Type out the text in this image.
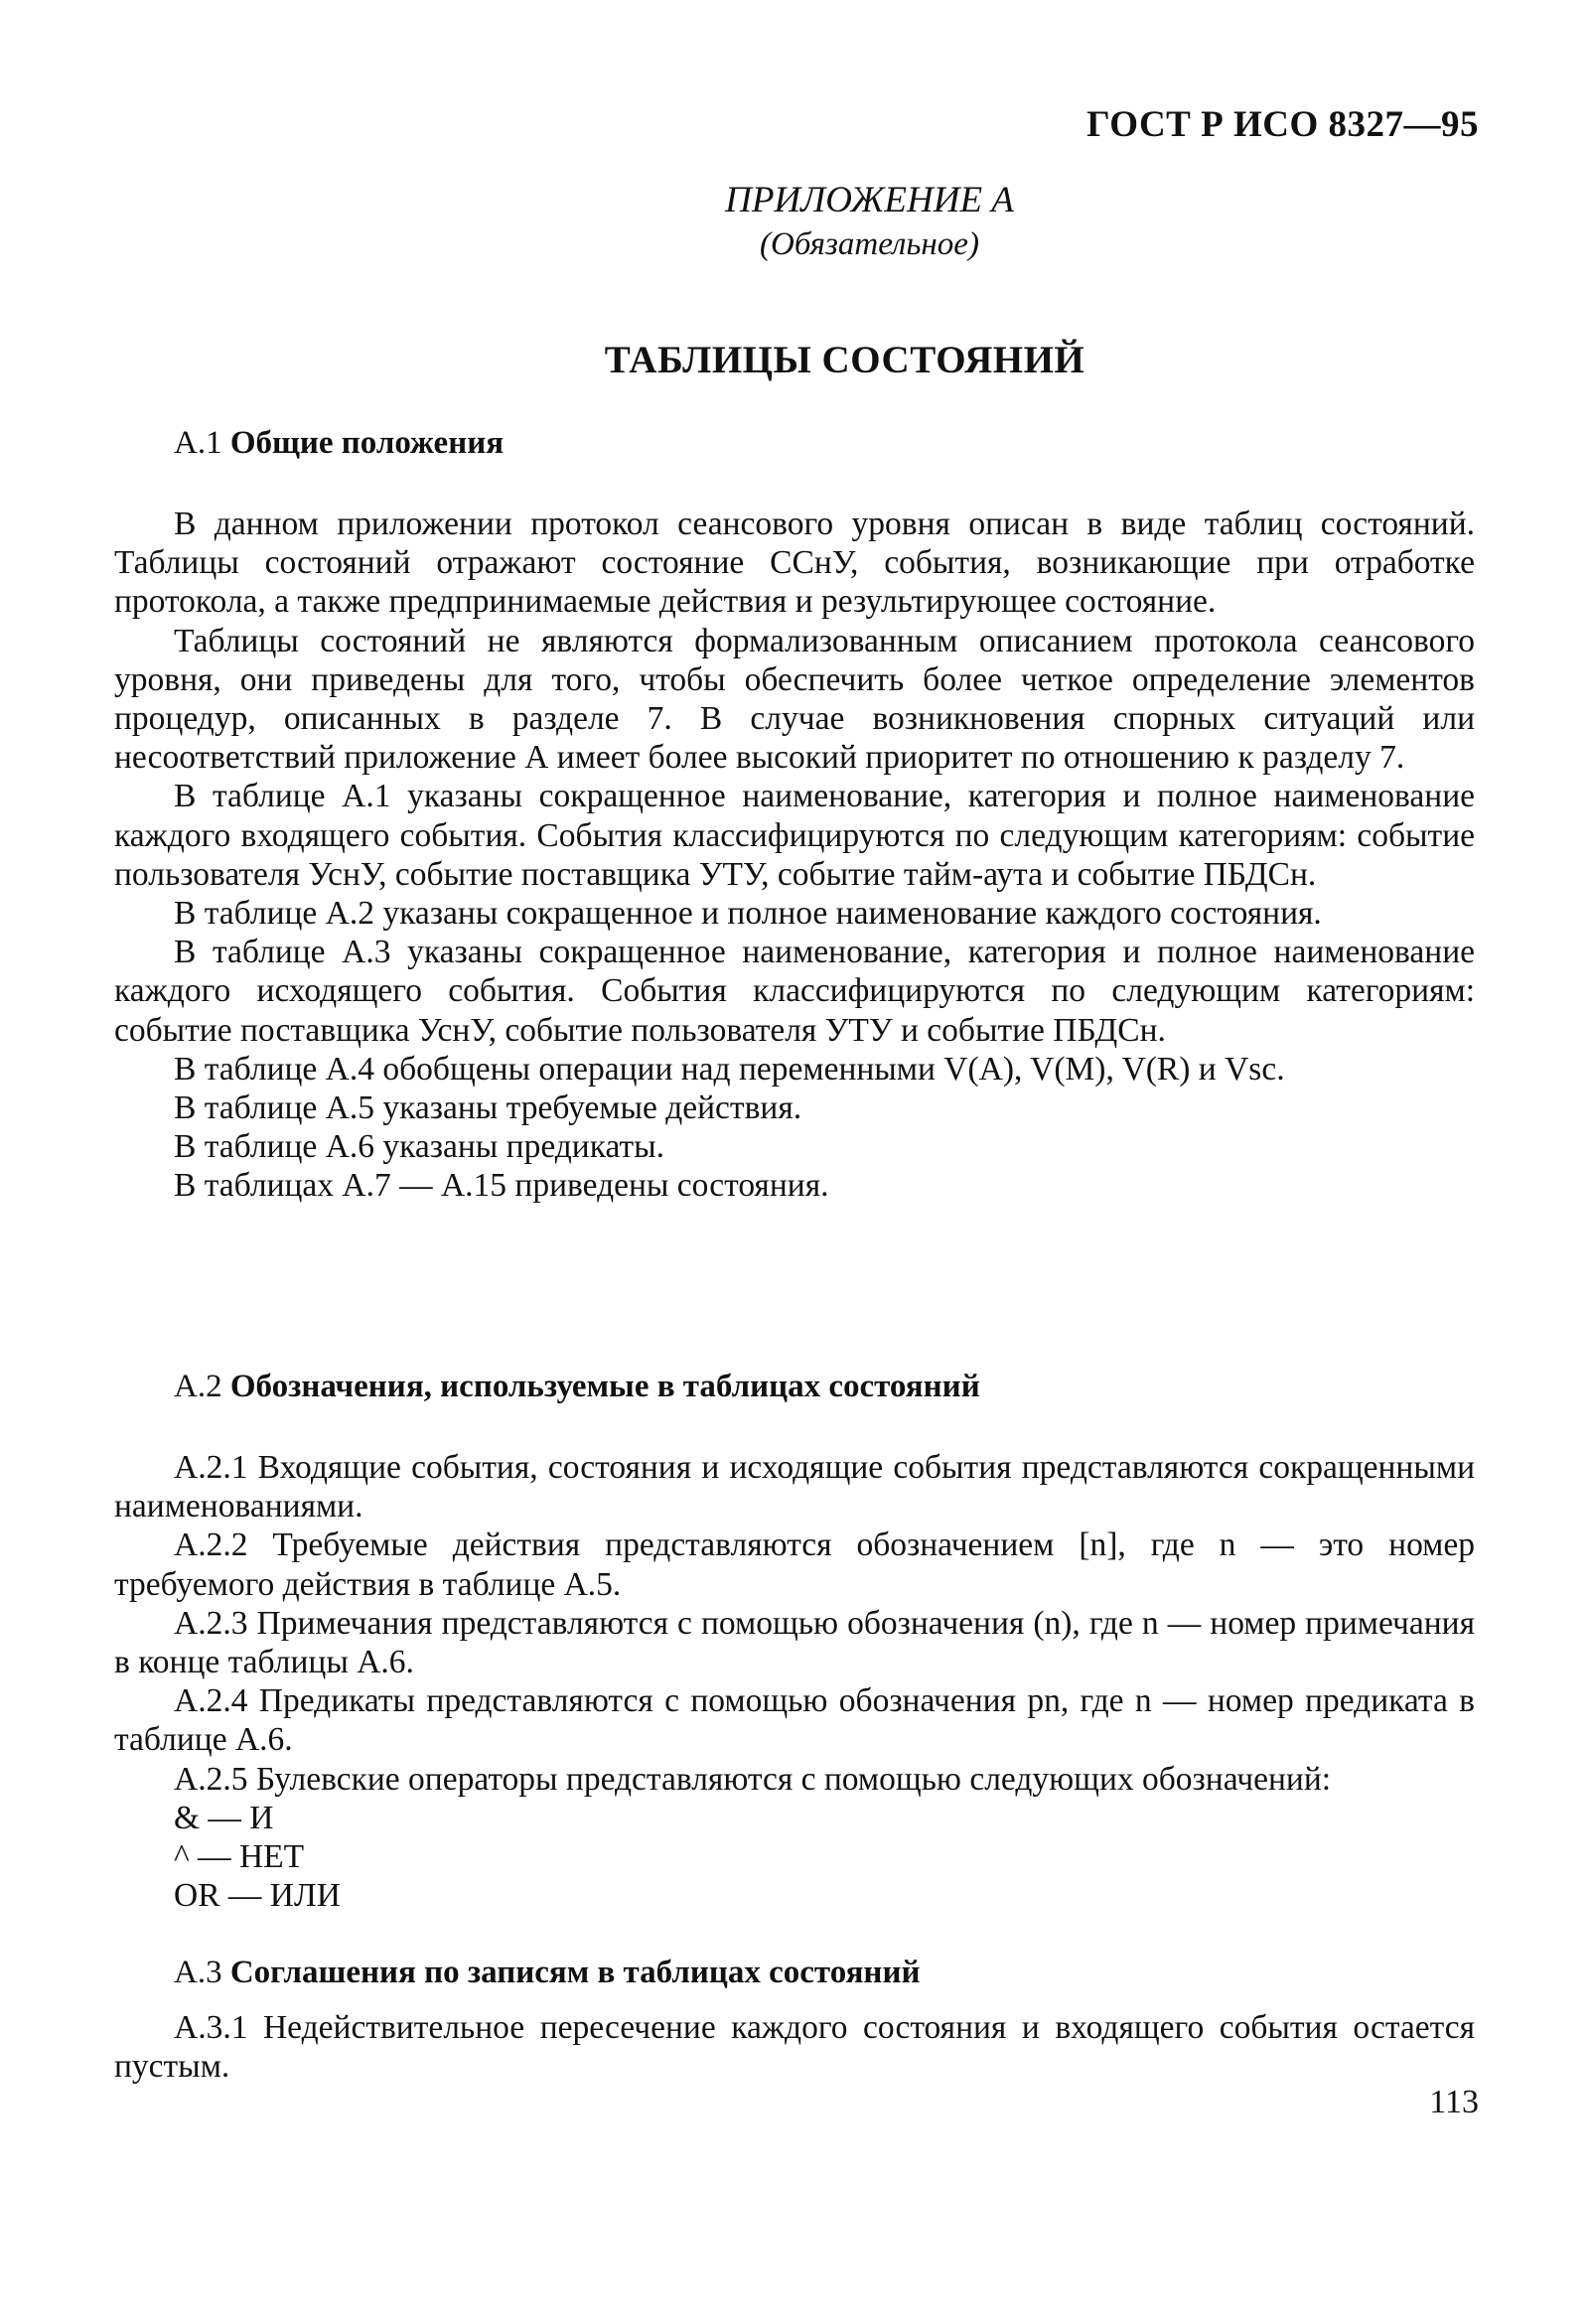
ГОСТ Р ИСО 8327—95
ПРИЛОЖЕНИЕ А
(Обязательное)
ТАБЛИЦЫ СОСТОЯНИЙ
А.1 Общие положения

В данном приложении протокол сеансового уровня описан в виде таблиц состояний. Таблицы состояний отражают состояние ССнУ, события, возникающие при отработке протокола, а также предпринимаемые действия и результирующее состояние.

Таблицы состояний не являются формализованным описанием протокола сеансового уровня, они приведены для того, чтобы обеспечить более четкое определение элементов процедур, описанных в разделе 7. В случае возникновения спорных ситуаций или несоответствий приложение А имеет более высокий приоритет по отношению к разделу 7.

В таблице А.1 указаны сокращенное наименование, категория и полное наименование каждого входящего события. События классифицируются по следующим категориям: событие пользователя УснУ, событие поставщика УТУ, событие тайм-аута и событие ПБДСн.

В таблице А.2 указаны сокращенное и полное наименование каждого состояния.

В таблице А.3 указаны сокращенное наименование, категория и полное наименование каждого исходящего события. События классифицируются по следующим категориям: событие поставщика УснУ, событие пользователя УТУ и событие ПБДСн.

В таблице А.4 обобщены операции над переменными V(A), V(M), V(R) и Vsc.

В таблице А.5 указаны требуемые действия.

В таблице А.6 указаны предикаты.

В таблицах А.7 — А.15 приведены состояния.

А.2 Обозначения, используемые в таблицах состояний

А.2.1 Входящие события, состояния и исходящие события представляются сокращенными наименованиями.

А.2.2 Требуемые действия представляются обозначением [n], где n — это номер требуемого действия в таблице А.5.

А.2.3 Примечания представляются с помощью обозначения (n), где n — номер примечания в конце таблицы А.6.

А.2.4 Предикаты представляются с помощью обозначения pn, где n — номер предиката в таблице А.6.

А.2.5 Булевские операторы представляются с помощью следующих обозначений:

& — И

^ — НЕТ

OR — ИЛИ

А.3 Соглашения по записям в таблицах состояний

А.3.1 Недействительное пересечение каждого состояния и входящего события остается пустым.

113
